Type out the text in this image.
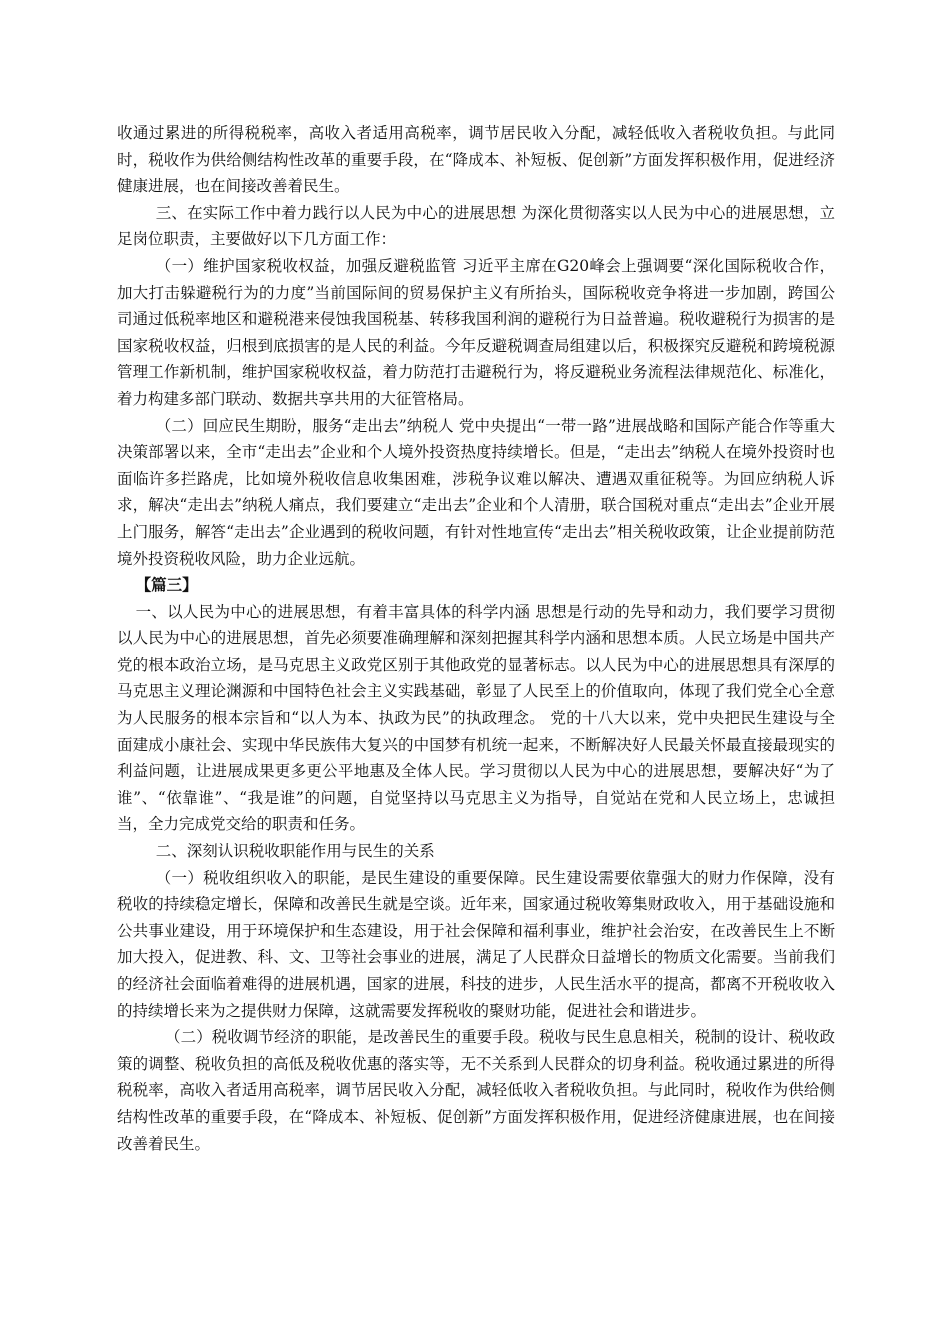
收通过累进的所得税税率，高收入者适用高税率，调节居民收入分配，减轻低收入者税收负担。与此同时，税收作为供给侧结构性改革的重要手段，在“降成本、补短板、促创新”方面发挥积极作用，促进经济健康进展，也在间接改善着民生。

三、在实际工作中着力践行以人民为中心的进展思想 为深化贯彻落实以人民为中心的进展思想，立足岗位职责，主要做好以下几方面工作：

（一）维护国家税收权益，加强反避税监管 习近平主席在G20峰会上强调要“深化国际税收合作，加大打击躲避税行为的力度”当前国际间的贸易保护主义有所抬头，国际税收竞争将进一步加剧，跨国公司通过低税率地区和避税港来侵蚀我国税基、转移我国利润的避税行为日益普遍。税收避税行为损害的是国家税收权益，归根到底损害的是人民的利益。今年反避税调查局组建以后，积极探究反避税和跨境税源管理工作新机制，维护国家税收权益，着力防范打击避税行为，将反避税业务流程法律规范化、标准化，着力构建多部门联动、数据共享共用的大征管格局。

（二）回应民生期盼，服务“走出去”纳税人 党中央提出“一带一路”进展战略和国际产能合作等重大决策部署以来，全市“走出去”企业和个人境外投资热度持续增长。但是，“走出去”纳税人在境外投资时也面临许多拦路虎，比如境外税收信息收集困难，涉税争议难以解决、遭遇双重征税等。为回应纳税人诉求，解决“走出去”纳税人痛点，我们要建立“走出去”企业和个人清册，联合国税对重点“走出去”企业开展上门服务，解答“走出去”企业遇到的税收问题，有针对性地宣传“走出去”相关税收政策，让企业提前防范境外投资税收风险，助力企业远航。

【篇三】

一、以人民为中心的进展思想，有着丰富具体的科学内涵 思想是行动的先导和动力，我们要学习贯彻以人民为中心的进展思想，首先必须要准确理解和深刻把握其科学内涵和思想本质。人民立场是中国共产党的根本政治立场，是马克思主义政党区别于其他政党的显著标志。以人民为中心的进展思想具有深厚的马克思主义理论渊源和中国特色社会主义实践基础，彰显了人民至上的价值取向，体现了我们党全心全意为人民服务的根本宗旨和“以人为本、执政为民”的执政理念。 党的十八大以来，党中央把民生建设与全面建成小康社会、实现中华民族伟大复兴的中国梦有机统一起来，不断解决好人民最关怀最直接最现实的利益问题，让进展成果更多更公平地惠及全体人民。学习贯彻以人民为中心的进展思想，要解决好“为了谁”、“依靠谁”、“我是谁”的问题，自觉坚持以马克思主义为指导，自觉站在党和人民立场上，忠诚担当，全力完成党交给的职责和任务。

二、深刻认识税收职能作用与民生的关系

（一）税收组织收入的职能，是民生建设的重要保障。民生建设需要依靠强大的财力作保障，没有税收的持续稳定增长，保障和改善民生就是空谈。近年来，国家通过税收筹集财政收入，用于基础设施和公共事业建设，用于环境保护和生态建设，用于社会保障和福利事业，维护社会治安，在改善民生上不断加大投入，促进教、科、文、卫等社会事业的进展，满足了人民群众日益增长的物质文化需要。当前我们的经济社会面临着难得的进展机遇，国家的进展，科技的进步，人民生活水平的提高，都离不开税收收入的持续增长来为之提供财力保障，这就需要发挥税收的聚财功能，促进社会和谐进步。

（二）税收调节经济的职能，是改善民生的重要手段。税收与民生息息相关，税制的设计、税收政策的调整、税收负担的高低及税收优惠的落实等，无不关系到人民群众的切身利益。税收通过累进的所得税税率，高收入者适用高税率，调节居民收入分配，减轻低收入者税收负担。与此同时，税收作为供给侧结构性改革的重要手段，在“降成本、补短板、促创新”方面发挥积极作用，促进经济健康进展，也在间接改善着民生。
